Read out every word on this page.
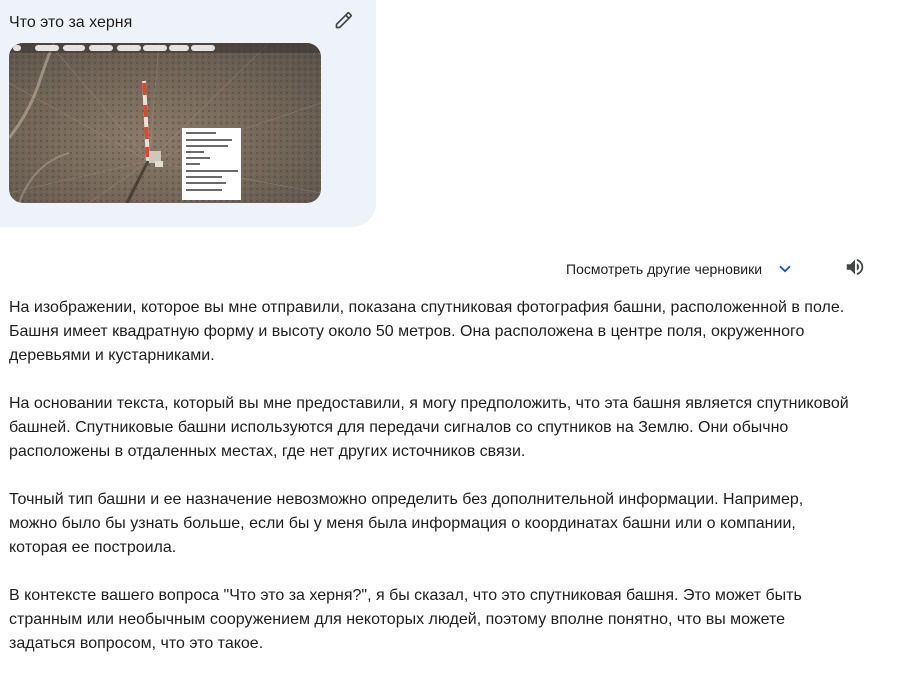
Что это за херня
Посмотреть другие черновики

На изображении, которое вы мне отправили, показана спутниковая фотография башни, расположенной в поле. Башня имеет квадратную форму и высоту около 50 метров. Она расположена в центре поля, окруженного деревьями и кустарниками.

На основании текста, который вы мне предоставили, я могу предположить, что эта башня является спутниковой башней. Спутниковые башни используются для передачи сигналов со спутников на Землю. Они обычно расположены в отдаленных местах, где нет других источников связи.

Точный тип башни и ее назначение невозможно определить без дополнительной информации. Например, можно было бы узнать больше, если бы у меня была информация о координатах башни или о компании, которая ее построила.

В контексте вашего вопроса "Что это за херня?", я бы сказал, что это спутниковая башня. Это может быть странным или необычным сооружением для некоторых людей, поэтому вполне понятно, что вы можете задаться вопросом, что это такое.
